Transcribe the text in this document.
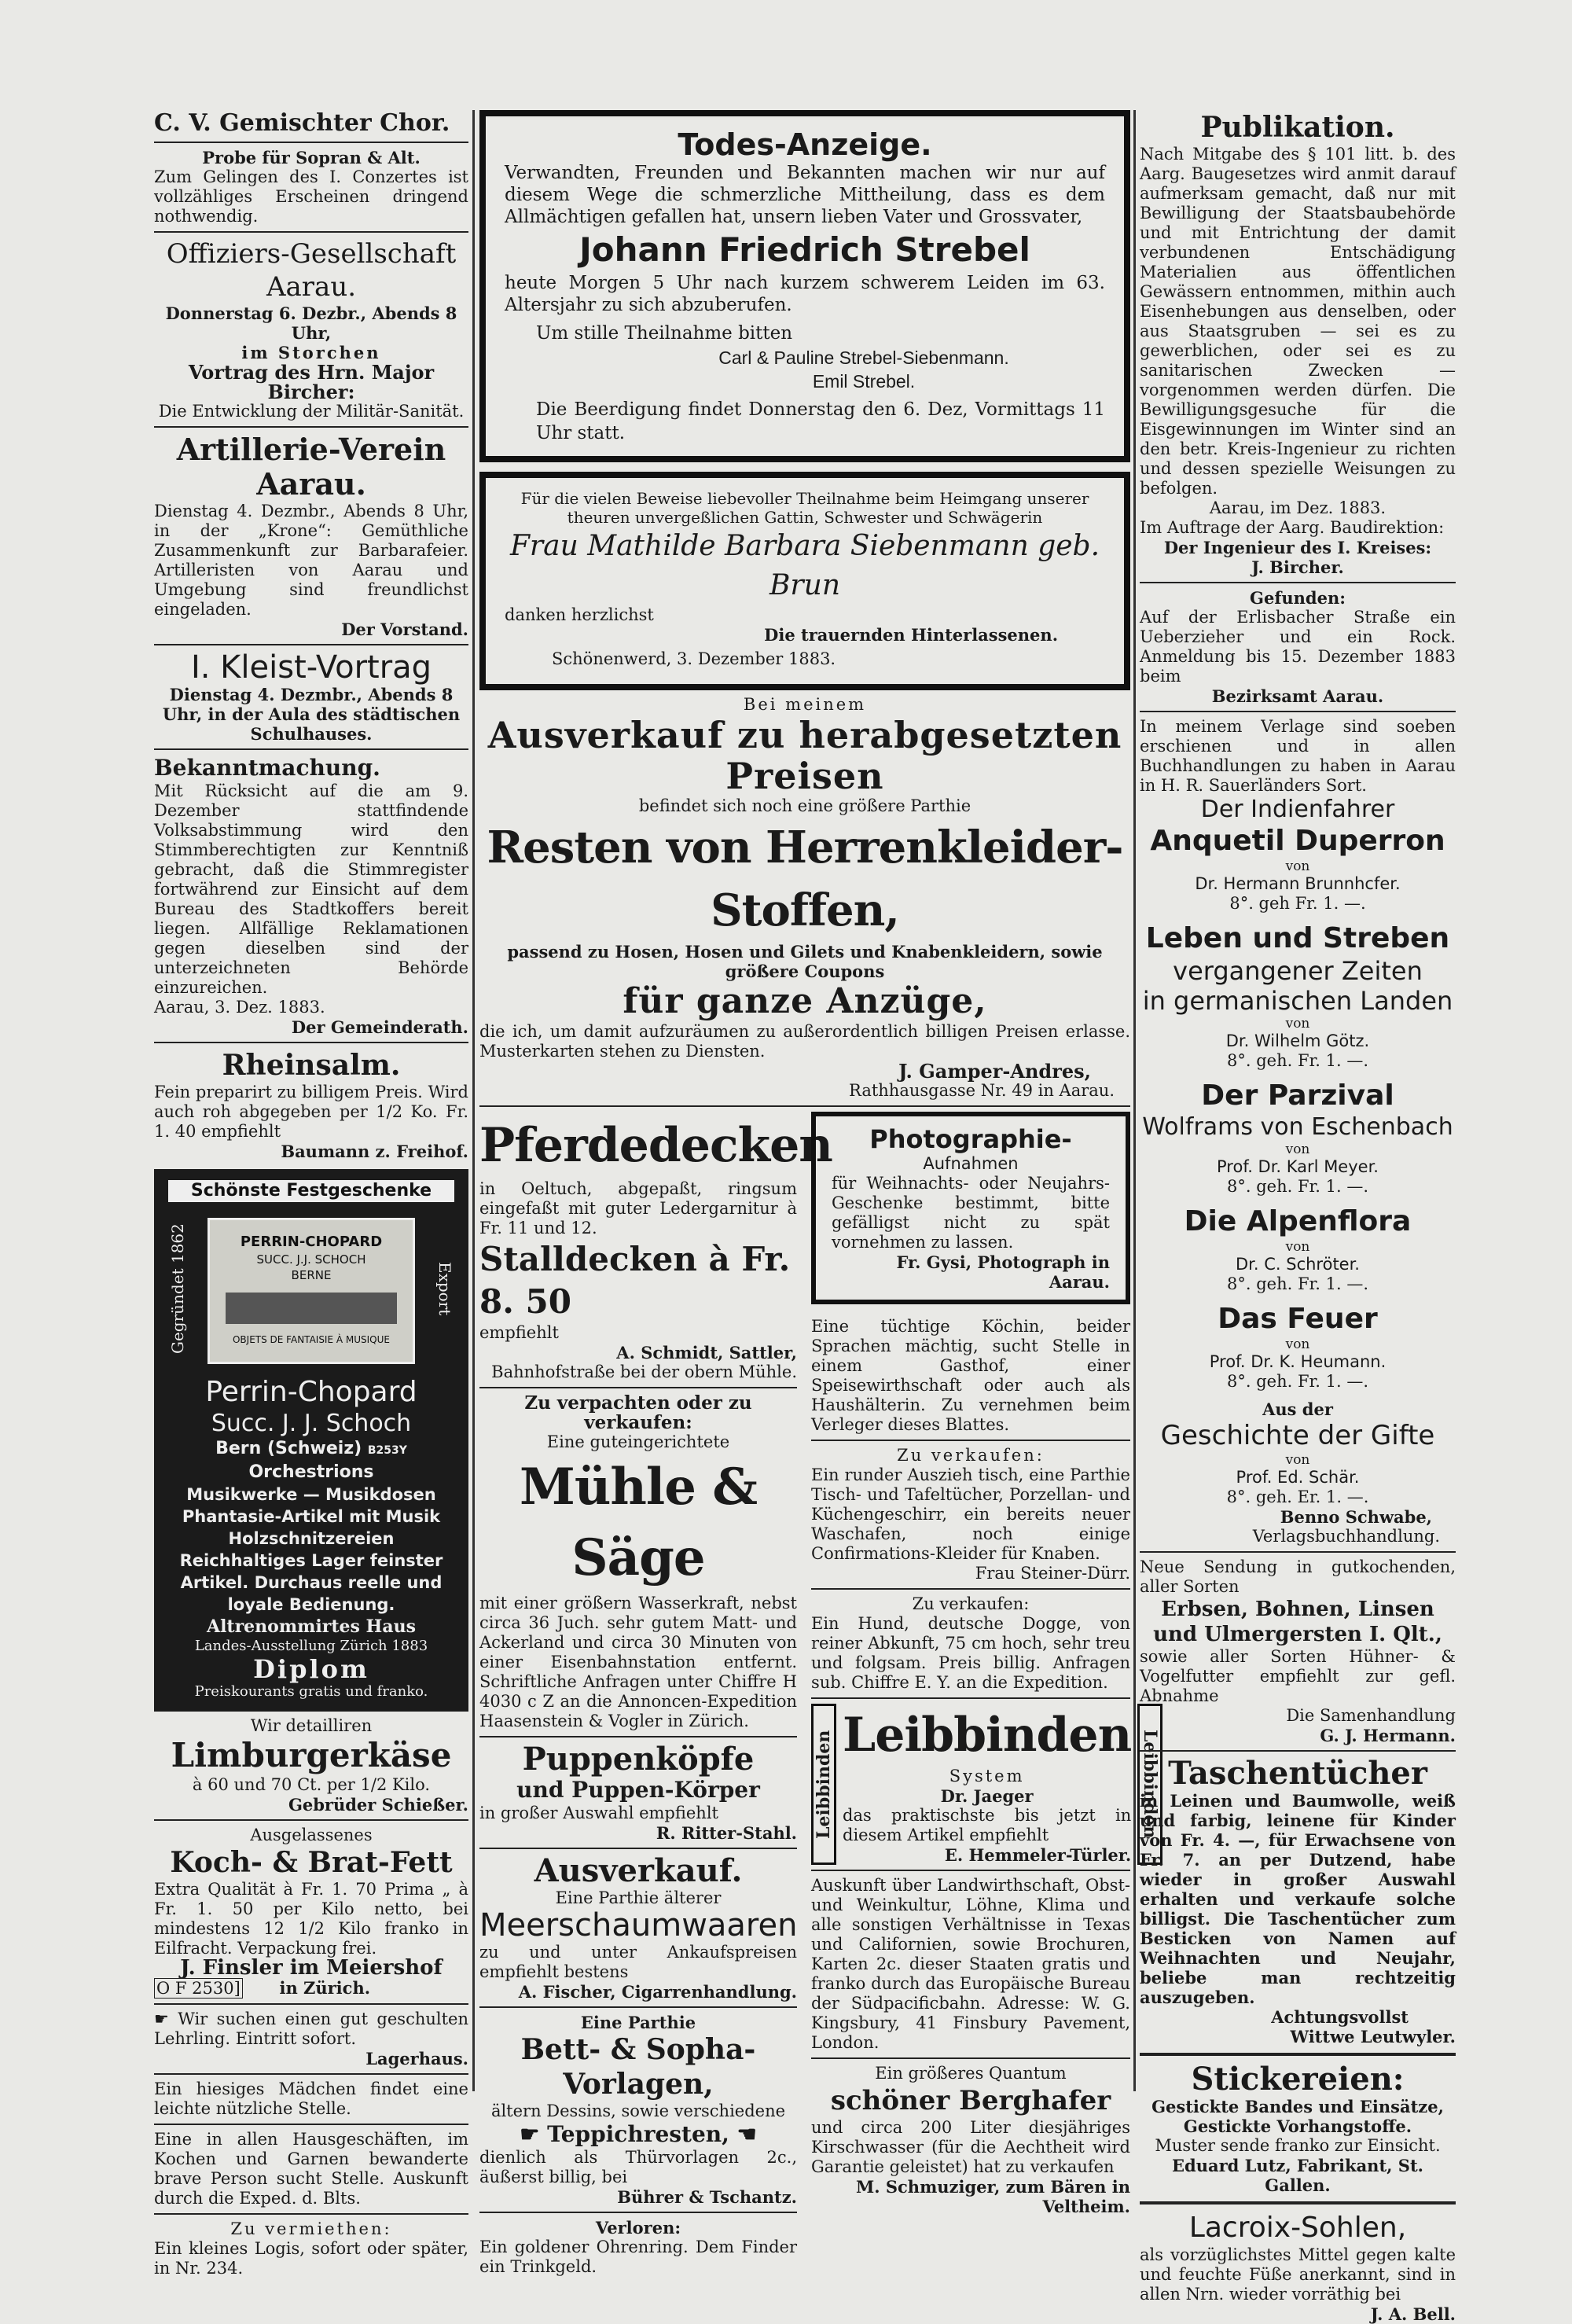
C. V. Gemischter Chor.

Probe für Sopran & Alt.

Zum Gelingen des I. Conzertes ist vollzähliges Erscheinen dringend nothwendig.

Offiziers-Gesellschaft Aarau.

Donnerstag 6. Dezbr., Abends 8 Uhr,

im Storchen

Vortrag des Hrn. Major Bircher:

Die Entwicklung der Militär-Sanität.

Artillerie-Verein Aarau.

Dienstag 4. Dezmbr., Abends 8 Uhr, in der „Krone“: Gemüthliche Zusammenkunft zur Barbarafeier. Artilleristen von Aarau und Umgebung sind freundlichst eingeladen.

Der Vorstand.

I. Kleist-Vortrag

Dienstag 4. Dezmbr., Abends 8 Uhr, in der Aula des städtischen Schulhauses.

Bekanntmachung.

Mit Rücksicht auf die am 9. Dezember stattfindende Volksabstimmung wird den Stimmberechtigten zur Kenntniß gebracht, daß die Stimmregister fortwährend zur Einsicht auf dem Bureau des Stadtkoffers bereit liegen. Allfällige Reklamationen gegen dieselben sind der unterzeichneten Behörde einzureichen.

Aarau, 3. Dez. 1883.

Der Gemeinderath.

Rheinsalm.

Fein preparirt zu billigem Preis. Wird auch roh abgegeben per 1/2 Ko. Fr. 1. 40 empfiehlt

Baumann z. Freihof.

Schönste Festgeschenke

Gegründet 1862	Export

PERRIN-CHOPARD

SUCC. J.J. SCHOCH

BERNE

OBJETS DE FANTAISIE À MUSIQUE

Perrin-Chopard

Succ. J. J. Schoch

Bern (Schweiz) B253Y

Orchestrions

Musikwerke — Musikdosen Phantasie-Artikel mit Musik Holzschnitzereien Reichhaltiges Lager feinster Artikel. Durchaus reelle und loyale Bedienung.

Altrenommirtes Haus

Landes-Ausstellung Zürich 1883

Diplom

Preiskourants gratis und franko.

Wir detailliren

Limburgerkäse

à 60 und 70 Ct. per 1/2 Kilo.

Gebrüder Schießer.

Ausgelassenes

Koch- & Brat-Fett

Extra Qualität à Fr. 1. 70 Prima „ à Fr. 1. 50 per Kilo netto, bei mindestens 12 1/2 Kilo franko in Eilfracht. Verpackung frei.

J. Finsler im Meiershof

O F 2530] in Zürich.

☛ Wir suchen einen gut geschulten Lehrling. Eintritt sofort.

Lagerhaus.

Ein hiesiges Mädchen findet eine leichte nützliche Stelle.

Eine in allen Hausgeschäften, im Kochen und Garnen bewanderte brave Person sucht Stelle. Auskunft durch die Exped. d. Blts.

Zu vermiethen:

Ein kleines Logis, sofort oder später, in Nr. 234.

Todes-Anzeige.

Verwandten, Freunden und Bekannten machen wir nur auf diesem Wege die schmerzliche Mittheilung, dass es dem Allmächtigen gefallen hat, unsern lieben Vater und Grossvater,

Johann Friedrich Strebel

heute Morgen 5 Uhr nach kurzem schwerem Leiden im 63. Altersjahr zu sich abzuberufen.

Um stille Theilnahme bitten

Carl & Pauline Strebel-Siebenmann.

Emil Strebel.

Die Beerdigung findet Donnerstag den 6. Dez, Vormittags 11 Uhr statt.

Für die vielen Beweise liebevoller Theilnahme beim Heimgang unserer theuren unvergeßlichen Gattin, Schwester und Schwägerin

Frau Mathilde Barbara Siebenmann geb. Brun

danken herzlichst

Die trauernden Hinterlassenen.

Schönenwerd, 3. Dezember 1883.

Bei meinem

Ausverkauf zu herabgesetzten Preisen

befindet sich noch eine größere Parthie

Resten von Herrenkleider-Stoffen,

passend zu Hosen, Hosen und Gilets und Knabenkleidern, sowie größere Coupons

für ganze Anzüge,

die ich, um damit aufzuräumen zu außerordentlich billigen Preisen erlasse. Musterkarten stehen zu Diensten.

J. Gamper-Andres,

Rathhausgasse Nr. 49 in Aarau.

Pferdedecken

in Oeltuch, abgepaßt, ringsum eingefaßt mit guter Ledergarnitur à Fr. 11 und 12.

Stalldecken à Fr. 8. 50

empfiehlt

A. Schmidt, Sattler,

Bahnhofstraße bei der obern Mühle.

Zu verpachten oder zu verkaufen:

Eine guteingerichtete

Mühle & Säge

mit einer größern Wasserkraft, nebst circa 36 Juch. sehr gutem Matt- und Ackerland und circa 30 Minuten von einer Eisenbahnstation entfernt. Schriftliche Anfragen unter Chiffre H 4030 c Z an die Annoncen-Expedition Haasenstein & Vogler in Zürich.

Puppenköpfe

und Puppen-Körper

in großer Auswahl empfiehlt

R. Ritter-Stahl.

Ausverkauf.

Eine Parthie älterer

Meerschaumwaaren

zu und unter Ankaufspreisen empfiehlt bestens

A. Fischer, Cigarrenhandlung.

Eine Parthie

Bett- & Sopha-Vorlagen,

ältern Dessins, sowie verschiedene

☛ Teppichresten, ☚

dienlich als Thürvorlagen 2c., äußerst billig, bei

Bührer & Tschantz.

Verloren:

Ein goldener Ohrenring. Dem Finder ein Trinkgeld.

Photographie-

Aufnahmen

für Weihnachts- oder Neujahrs-Geschenke bestimmt, bitte gefälligst nicht zu spät vornehmen zu lassen.

Fr. Gysi, Photograph in Aarau.

Eine tüchtige Köchin, beider Sprachen mächtig, sucht Stelle in einem Gasthof, einer Speisewirthschaft oder auch als Haushälterin. Zu vernehmen beim Verleger dieses Blattes.

Zu verkaufen:

Ein runder Auszieh tisch, eine Parthie Tisch- und Tafeltücher, Porzellan- und Küchengeschirr, ein bereits neuer Waschafen, noch einige Confirmations-Kleider für Knaben.

Frau Steiner-Dürr.

Zu verkaufen:

Ein Hund, deutsche Dogge, von reiner Abkunft, 75 cm hoch, sehr treu und folgsam. Preis billig. Anfragen sub. Chiffre E. Y. an die Expedition.

Leibbinden Leibbinden

System

Dr. Jaeger

das praktischste bis jetzt in diesem Artikel empfiehlt

E. Hemmeler-Türler.

Leibbinden

Auskunft über Landwirthschaft, Obst- und Weinkultur, Löhne, Klima und alle sonstigen Verhältnisse in Texas und Californien, sowie Brochuren, Karten 2c. dieser Staaten gratis und franko durch das Europäische Bureau der Südpacificbahn. Adresse: W. G. Kingsbury, 41 Finsbury Pavement, London.

Ein größeres Quantum

schöner Berghafer

und circa 200 Liter diesjähriges Kirschwasser (für die Aechtheit wird Garantie geleistet) hat zu verkaufen

M. Schmuziger, zum Bären in Veltheim.

Publikation.

Nach Mitgabe des § 101 litt. b. des Aarg. Baugesetzes wird anmit darauf aufmerksam gemacht, daß nur mit Bewilligung der Staatsbaubehörde und mit Entrichtung der damit verbundenen Entschädigung Materialien aus öffentlichen Gewässern entnommen, mithin auch Eisenhebungen aus denselben, oder aus Staatsgruben — sei es zu gewerblichen, oder sei es zu sanitarischen Zwecken — vorgenommen werden dürfen. Die Bewilligungsgesuche für die Eisgewinnungen im Winter sind an den betr. Kreis-Ingenieur zu richten und dessen spezielle Weisungen zu befolgen.

Aarau, im Dez. 1883.

Im Auftrage der Aarg. Baudirektion:

Der Ingenieur des I. Kreises:

J. Bircher.

Gefunden:

Auf der Erlisbacher Straße ein Ueberzieher und ein Rock. Anmeldung bis 15. Dezember 1883 beim

Bezirksamt Aarau.

In meinem Verlage sind soeben erschienen und in allen Buchhandlungen zu haben in Aarau in H. R. Sauerländers Sort.

Der Indienfahrer

Anquetil Duperron

von

Dr. Hermann Brunnhcfer.

8°. geh Fr. 1. —.

Leben und Streben

vergangener Zeiten

in germanischen Landen

von

Dr. Wilhelm Götz.

8°. geh. Fr. 1. —.

Der Parzival

Wolframs von Eschenbach

von

Prof. Dr. Karl Meyer.

8°. geh. Fr. 1. —.

Die Alpenflora

von

Dr. C. Schröter.

8°. geh. Fr. 1. —.

Das Feuer

von

Prof. Dr. K. Heumann.

8°. geh. Fr. 1. —.

Aus der

Geschichte der Gifte

von

Prof. Ed. Schär.

8°. geh. Er. 1. —.

Benno Schwabe,

Verlagsbuchhandlung.

Neue Sendung in gutkochenden, aller Sorten

Erbsen, Bohnen, Linsen und Ulmergersten I. Qlt.,

sowie aller Sorten Hühner- & Vogelfutter empfiehlt zur gefl. Abnahme

Die Samenhandlung

G. J. Hermann.

Taschentücher

in Leinen und Baumwolle, weiß und farbig, leinene für Kinder von Fr. 4. —, für Erwachsene von Fr. 7. an per Dutzend, habe wieder in großer Auswahl erhalten und verkaufe solche billigst. Die Taschentücher zum Besticken von Namen auf Weihnachten und Neujahr, beliebe man rechtzeitig auszugeben.

Achtungsvollst

Wittwe Leutwyler.

Stickereien:

Gestickte Bandes und Einsätze,

Gestickte Vorhangstoffe.

Muster sende franko zur Einsicht.

Eduard Lutz, Fabrikant, St. Gallen.

Lacroix-Sohlen,

als vorzüglichstes Mittel gegen kalte und feuchte Füße anerkannt, sind in allen Nrn. wieder vorräthig bei

J. A. Bell.
